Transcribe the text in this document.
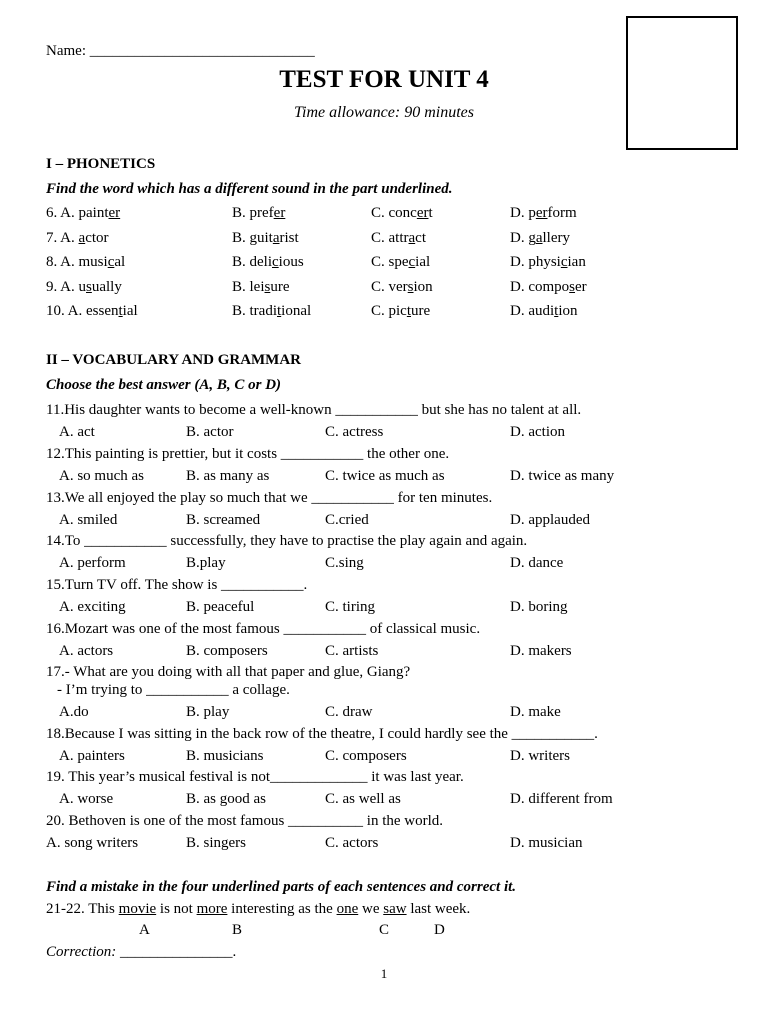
Name: ______________________________
TEST FOR UNIT 4
Time allowance: 90 minutes
I – PHONETICS
Find the word which has a different sound in the part underlined.
6. A. painter	B. prefer	C. concert	D. perform
7. A. actor	B. guitarist	C. attract	D. gallery
8. A. musical	B. delicious	C. special	D. physician
9. A. usually	B. leisure	C. version	D. composer
10. A. essential	B. traditional	C. picture	D. audition
II – VOCABULARY AND GRAMMAR
Choose the best answer (A, B, C or D)
11.His daughter wants to become a well-known ___________ but she has no talent at all.
A. act	B. actor	C. actress	D. action
12.This painting is prettier, but it costs ___________ the other one.
A. so much as	B. as many as	C. twice as much as	D. twice as many
13.We all enjoyed the play so much that we ___________ for ten minutes.
A. smiled	B. screamed	C.cried	D. applauded
14.To ___________ successfully, they have to practise the play again and again.
A. perform	B.play	C.sing	D. dance
15.Turn TV off. The show is ___________.
A. exciting	B. peaceful	C. tiring	D. boring
16.Mozart was one of the most famous ___________ of classical music.
A. actors	B. composers	C. artists	D. makers
17.- What are you doing with all that paper and glue, Giang?
- I’m trying to ___________ a collage.
A.do	B. play	C. draw	D. make
18.Because I was sitting in the back row of the theatre, I could hardly see the ___________.
A. painters	B. musicians	C. composers	D. writers
19. This year’s musical festival is not_____________ it was last year.
A. worse	B. as good as	C. as well as	D. different from
20. Bethoven is one of the most famous __________ in the world.
A. song writers	B. singers	C. actors	D. musician
Find a mistake in the four underlined parts of each sentences and correct it.
21-22. This movie is not more interesting as the one we saw last week.
A	B	C	D
Correction: _______________.
1
